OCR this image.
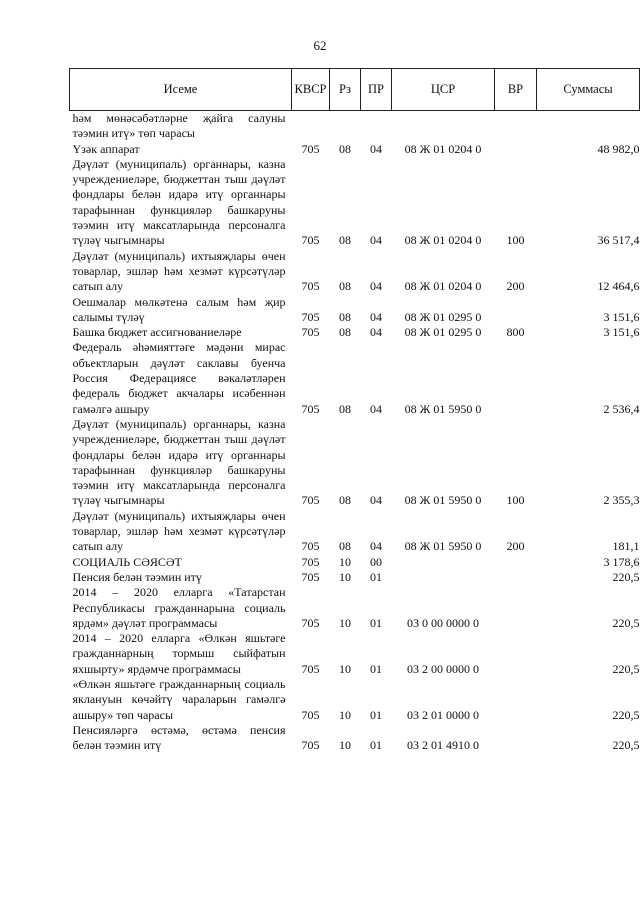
62
Исеме	КВСР	Рз	ПР	ЦСР	ВР	Суммасы
һәм мөнәсәбәтләрне җайга салуны тәэмин итү» төп чарасы						
Үзәк аппарат	705	08	04	08 Ж 01 0204 0		48 982,0
Дәүләт (муниципаль) органнары, казна учреждениеләре, бюджеттан тыш дәүләт фондлары белән идарә итү органнары тарафыннан функцияләр башкаруны тәэмин итү максатларында персоналга түләү чыгымнары	705	08	04	08 Ж 01 0204 0	100	36 517,4
Дәүләт (муниципаль) ихтыяҗлары өчен товарлар, эшләр һәм хезмәт күрсәтүләр сатып алу	705	08	04	08 Ж 01 0204 0	200	12 464,6
Оешмалар мөлкәтенә салым һәм җир салымы түләү	705	08	04	08 Ж 01 0295 0		3 151,6
Башка бюджет ассигнованиеләре	705	08	04	08 Ж 01 0295 0	800	3 151,6
Федераль әһәмияттәге мәдәни мирас объектларын дәүләт саклавы буенча Россия Федерациясе вәкаләтләрен федераль бюджет акчалары исәбеннән гамәлгә ашыру	705	08	04	08 Ж 01 5950 0		2 536,4
Дәүләт (муниципаль) органнары, казна учреждениеләре, бюджеттан тыш дәүләт фондлары белән идарә итү органнары тарафыннан функцияләр башкаруны тәэмин итү максатларында персоналга түләү чыгымнары	705	08	04	08 Ж 01 5950 0	100	2 355,3
Дәүләт (муниципаль) ихтыяҗлары өчен товарлар, эшләр һәм хезмәт күрсәтүләр сатып алу	705	08	04	08 Ж 01 5950 0	200	181,1
СОЦИАЛЬ СӘЯСӘТ	705	10	00			3 178,6
Пенсия белән тәэмин итү	705	10	01			220,5
2014 – 2020 елларга «Татарстан Республикасы гражданнарына социаль ярдәм» дәүләт программасы	705	10	01	03 0 00 0000 0		220,5
2014 – 2020 елларга «Өлкән яшьтәге гражданнарның тормыш сыйфатын яхшырту» ярдәмче программасы	705	10	01	03 2 00 0000 0		220,5
«Өлкән яшьтәге гражданнарның социаль яклануын көчәйтү чараларын гамәлгә ашыру» төп чарасы	705	10	01	03 2 01 0000 0		220,5
Пенсияләргә өстәмә, өстәмә пенсия белән тәэмин итү	705	10	01	03 2 01 4910 0		220,5
